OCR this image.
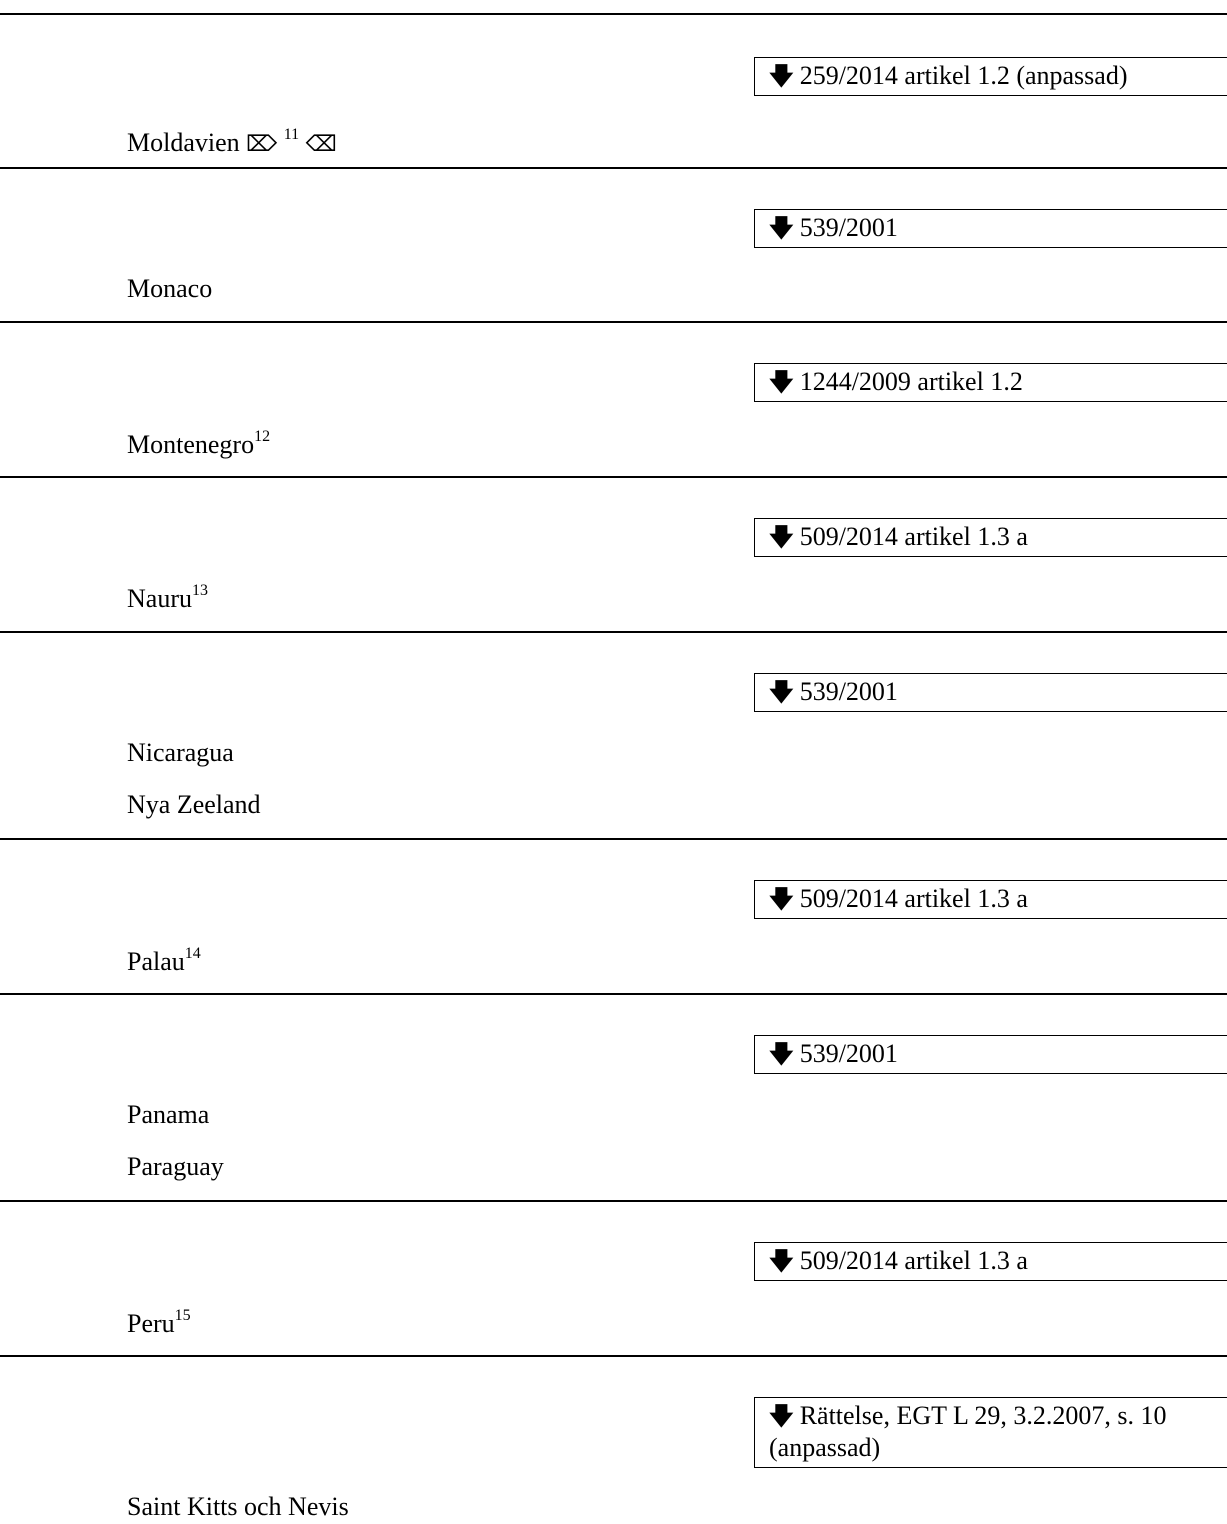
🡇 259/2014 artikel 1.2 (anpassad)
Moldavien ⌦ $^{11}$ ⌫
🡇 539/2001
Monaco
🡇 1244/2009 artikel 1.2
Montenegro$^{12}$
🡇 509/2014 artikel 1.3 a
Nauru$^{13}$
🡇 539/2001
Nicaragua
Nya Zeeland
🡇 509/2014 artikel 1.3 a
Palau$^{14}$
🡇 539/2001
Panama
Paraguay
🡇 509/2014 artikel 1.3 a
Peru$^{15}$
🡇 Rättelse, EGT L 29, 3.2.2007, s. 10 (anpassad)
Saint Kitts och Nevis
